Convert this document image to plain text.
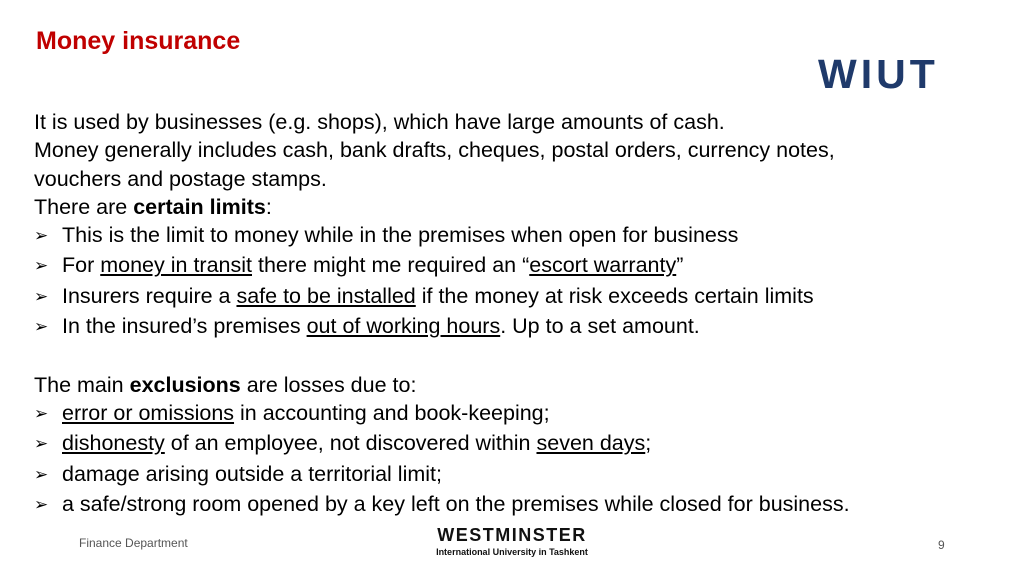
Money insurance
WIUT
It is used by businesses (e.g. shops), which have large amounts of cash.
Money generally includes cash, bank drafts, cheques, postal orders, currency notes,
vouchers and postage stamps.
There are certain limits:
➢ This is the limit to money while in the premises when open for business
➢ For money in transit there might me required an “escort warranty”
➢ Insurers require a safe to be installed if the money at risk exceeds certain limits
➢ In the insured’s premises out of working hours. Up to a set amount.
The main exclusions are losses due to:
➢ error or omissions in accounting and book-keeping;
➢ dishonesty of an employee, not discovered within seven days;
➢ damage arising outside a territorial limit;
➢ a safe/strong room opened by a key left on the premises while closed for business.
Finance Department	WESTMINSTER
International University in Tashkent	9
